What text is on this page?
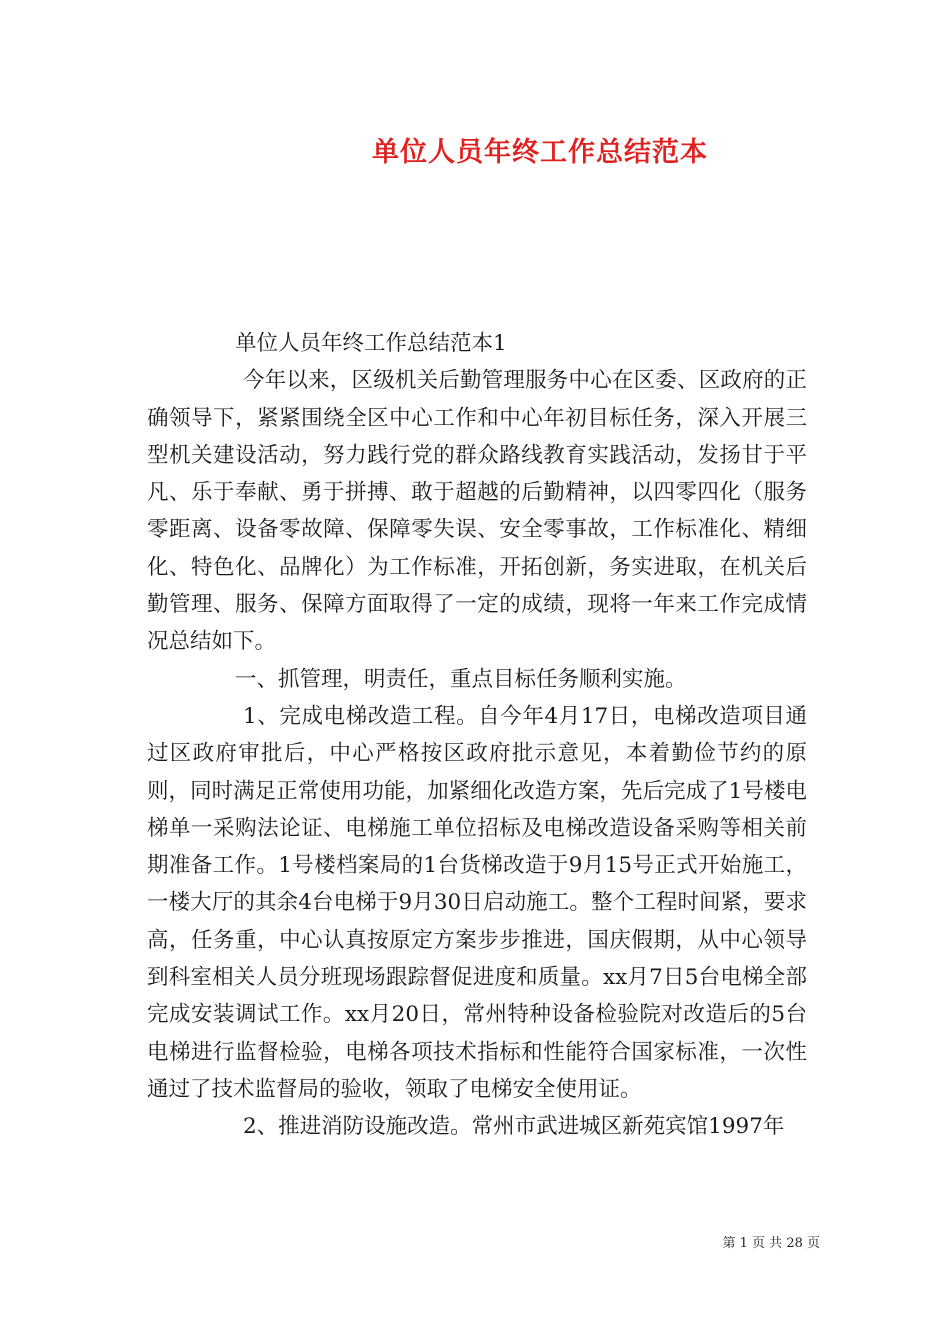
单位人员年终工作总结范本

单位人员年终工作总结范本1

今年以来，区级机关后勤管理服务中心在区委、区政府的正确领导下，紧紧围绕全区中心工作和中心年初目标任务，深入开展三型机关建设活动，努力践行党的群众路线教育实践活动，发扬甘于平凡、乐于奉献、勇于拼搏、敢于超越的后勤精神，以四零四化（服务零距离、设备零故障、保障零失误、安全零事故，工作标准化、精细化、特色化、品牌化）为工作标准，开拓创新，务实进取，在机关后勤管理、服务、保障方面取得了一定的成绩，现将一年来工作完成情况总结如下。

一、抓管理，明责任，重点目标任务顺利实施。

1、完成电梯改造工程。自今年4月17日，电梯改造项目通过区政府审批后，中心严格按区政府批示意见，本着勤俭节约的原则，同时满足正常使用功能，加紧细化改造方案，先后完成了1号楼电梯单一采购法论证、电梯施工单位招标及电梯改造设备采购等相关前期准备工作。1号楼档案局的1台货梯改造于9月15号正式开始施工，一楼大厅的其余4台电梯于9月30日启动施工。整个工程时间紧，要求高，任务重，中心认真按原定方案步步推进，国庆假期，从中心领导到科室相关人员分班现场跟踪督促进度和质量。xx月7日5台电梯全部完成安装调试工作。xx月20日，常州特种设备检验院对改造后的5台电梯进行监督检验，电梯各项技术指标和性能符合国家标准，一次性通过了技术监督局的验收，领取了电梯安全使用证。

2、推进消防设施改造。常州市武进城区新苑宾馆1997年

第 1 页 共 28 页
